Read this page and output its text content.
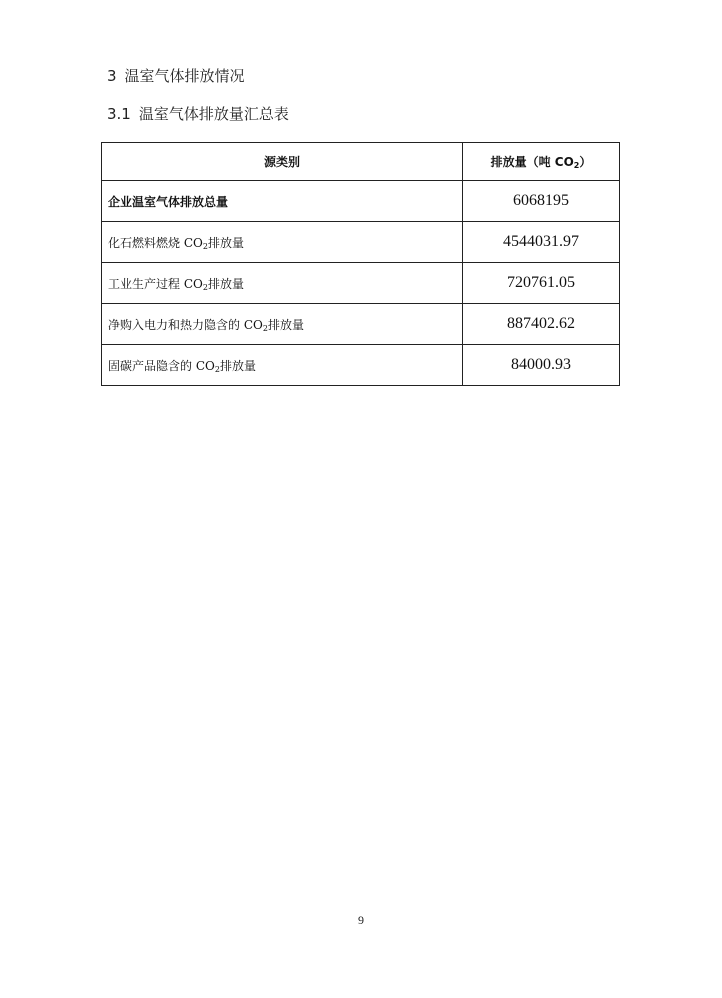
3 温室气体排放情况
3.1 温室气体排放量汇总表
源类别	排放量（吨 $CO_2$）
企业温室气体排放总量	6068195
化石燃料燃烧 $CO_2$排放量	4544031.97
工业生产过程 $CO_2$排放量	720761.05
净购入电力和热力隐含的 $CO_2$排放量	887402.62
固碳产品隐含的 $CO_2$排放量	84000.93
9
